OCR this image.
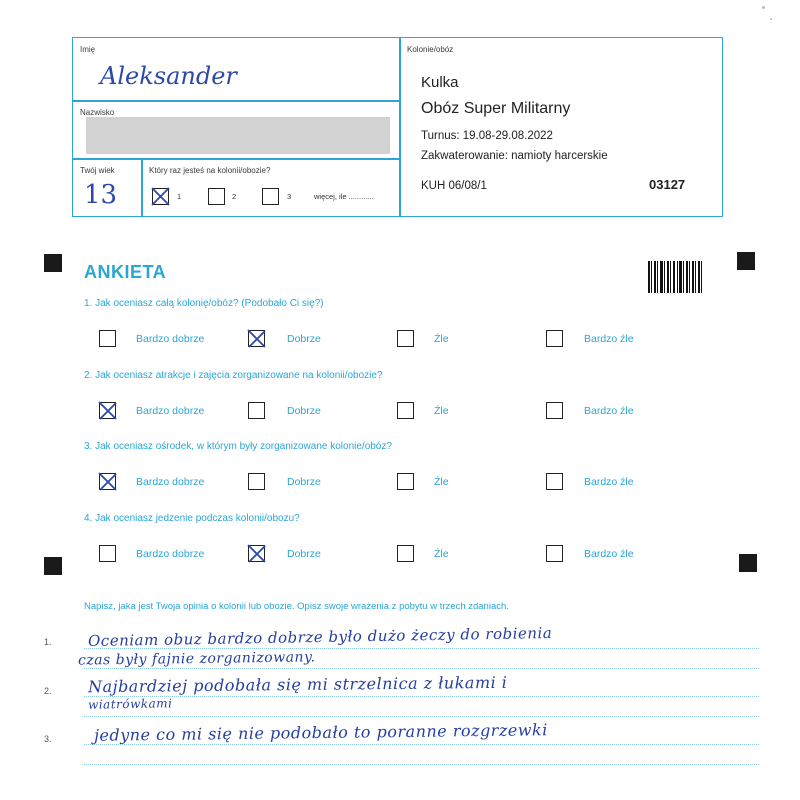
Imię
Aleksander
Nazwisko
Twój wiek
13
Który raz jesteś na kolonii/obozie?
1	2	3	więcej, ile ............
Kolonie/obóz
Kulka
Obóz Super Militarny
Turnus: 19.08-29.08.2022
Zakwaterowanie: namioty harcerskie
KUH 06/08/1	03127
ANKIETA
1. Jak oceniasz całą kolonię/obóz? (Podobało Ci się?)
Bardzo dobrze	Dobrze	Źle	Bardzo źle
2. Jak oceniasz atrakcje i zajęcia zorganizowane na kolonii/obozie?
Bardzo dobrze	Dobrze	Źle	Bardzo źle
3. Jak oceniasz ośrodek, w którym były zorganizowane kolonie/obóz?
Bardzo dobrze	Dobrze	Źle	Bardzo źle
4. Jak oceniasz jedzenie podczas kolonii/obozu?
Bardzo dobrze	Dobrze	Źle	Bardzo źle
Napisz, jaka jest Twoja opinia o kolonii lub obozie. Opisz swoje wrażenia z pobytu w trzech zdaniach.
1.
2.
3.
Oceniam obuz bardzo dobrze było dużo żeczy do robienia
czas były fajnie zorganizowany.
Najbardziej podobała się mi strzelnica z łukami i
wiatrówkami
jedyne co mi się nie podobało to poranne rozgrzewki
